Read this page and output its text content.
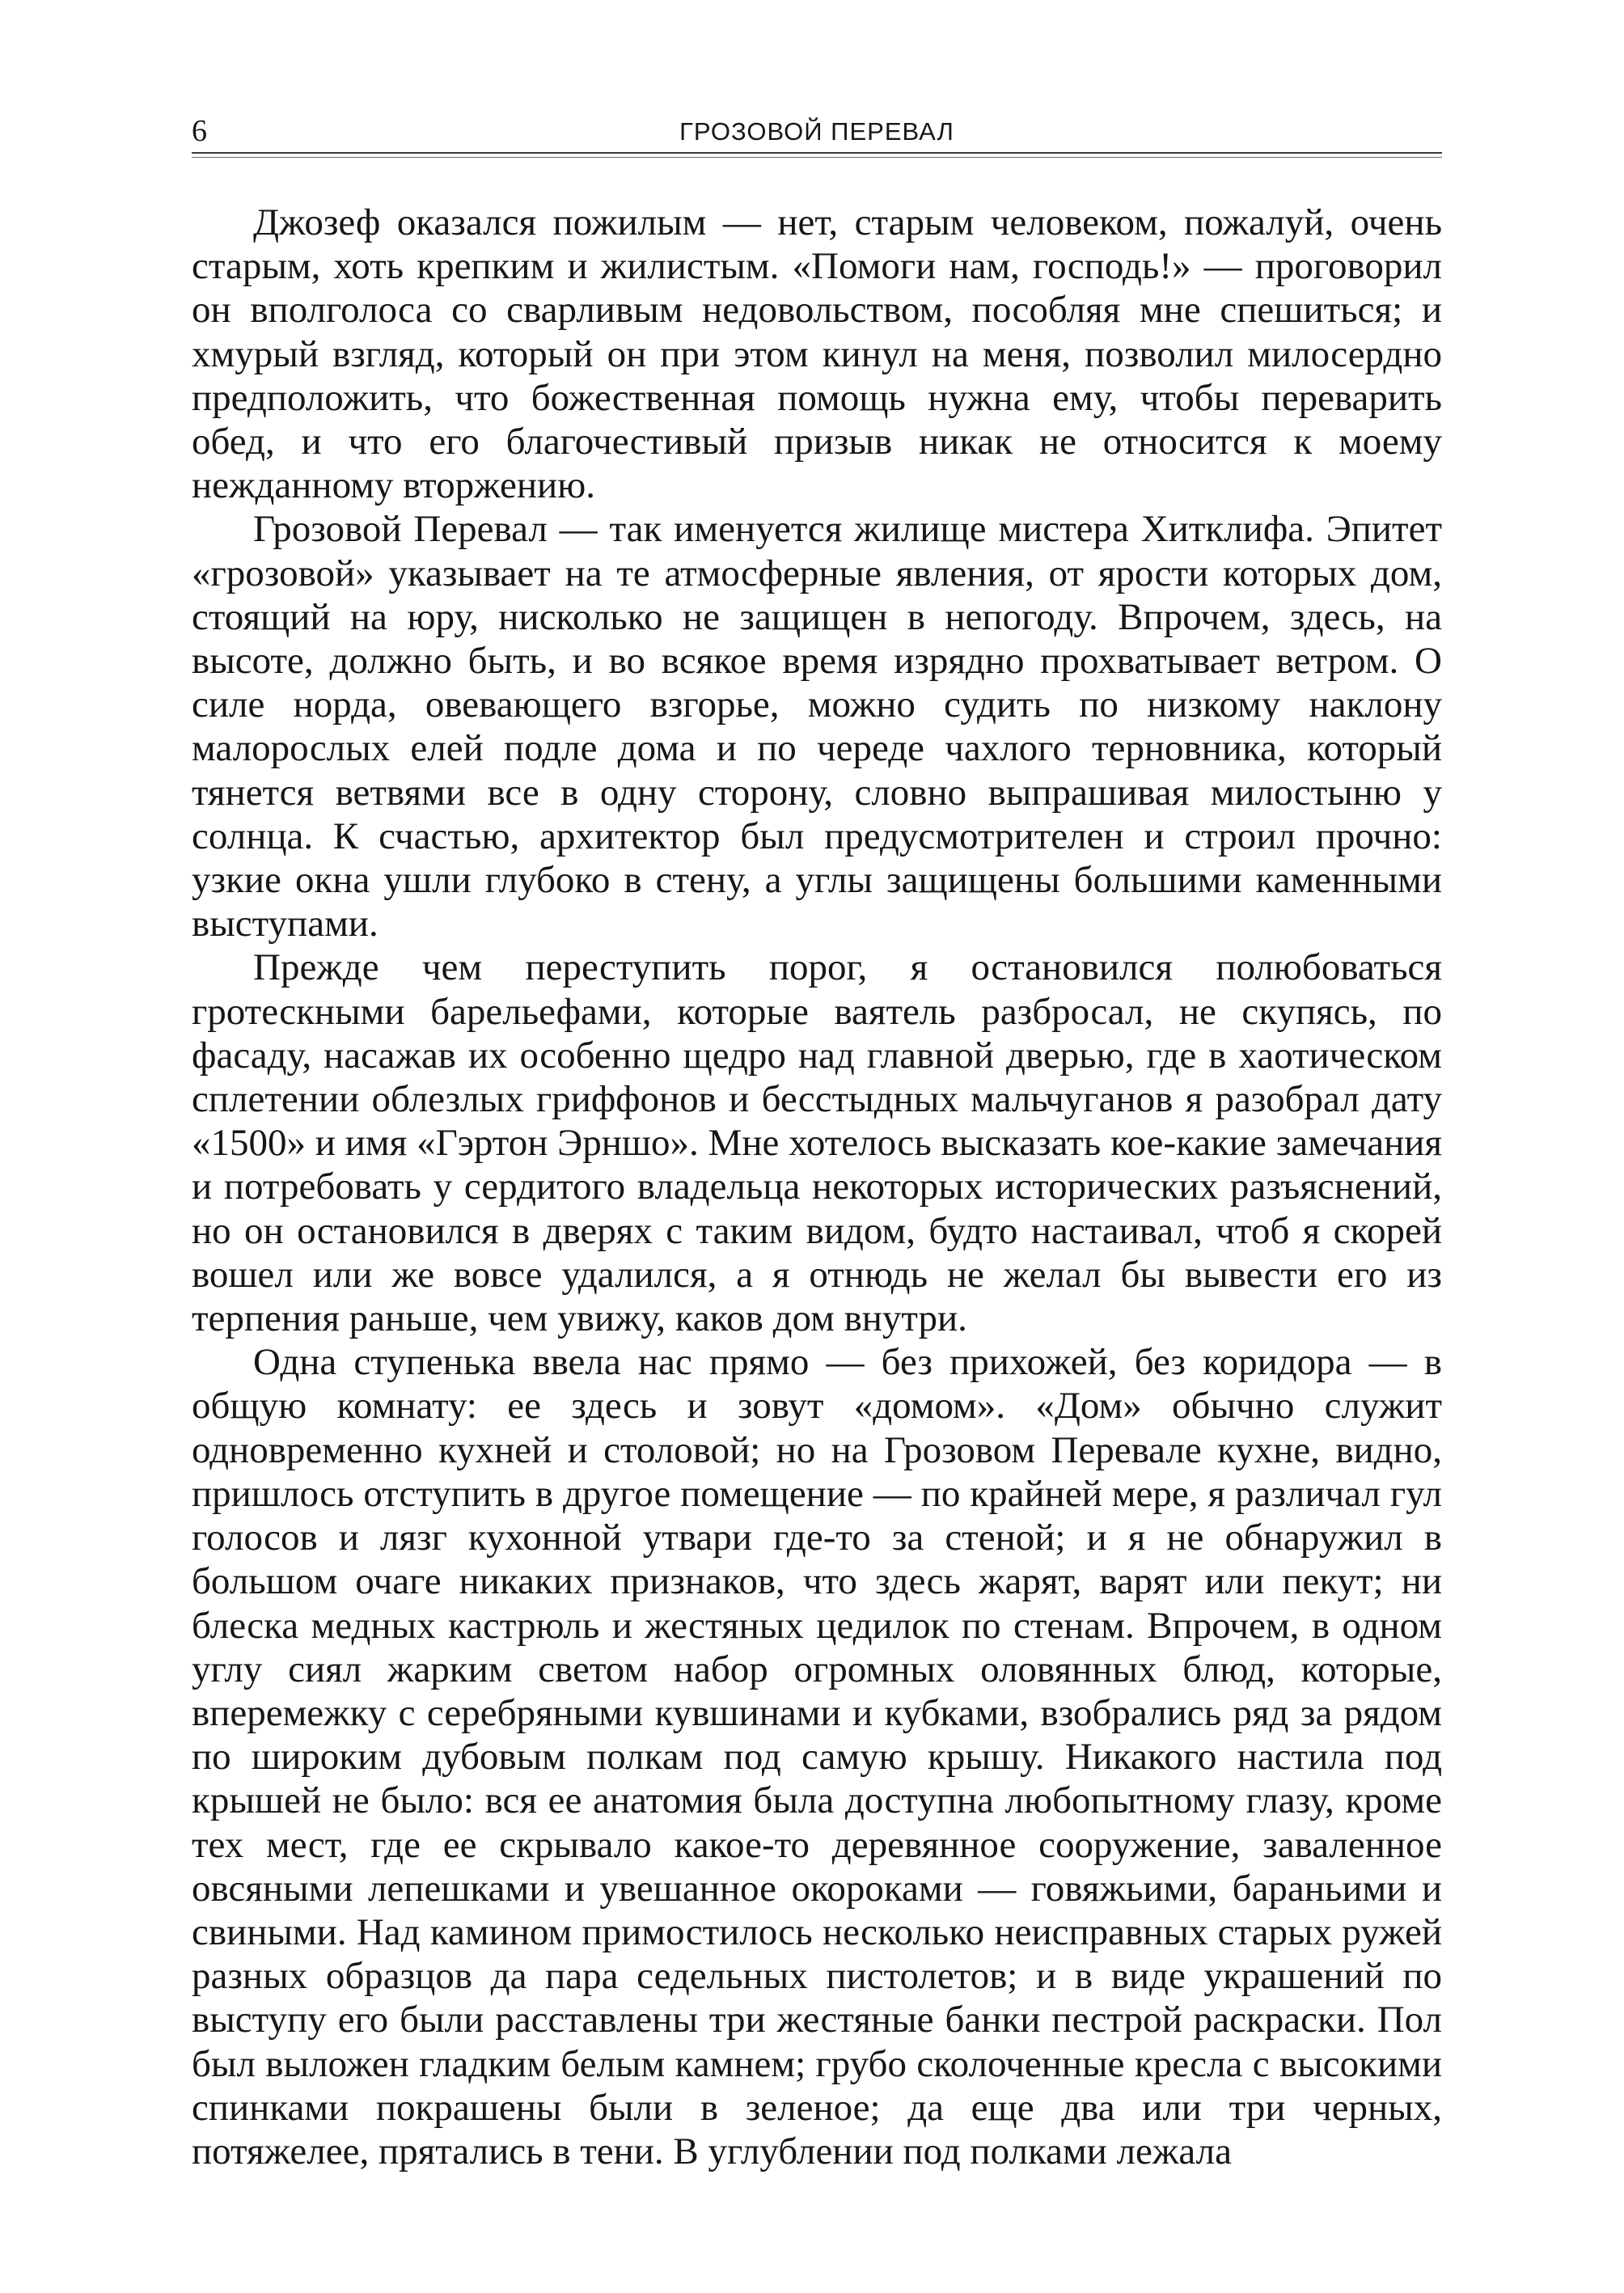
6	ГРОЗОВОЙ ПЕРЕВАЛ

Джозеф оказался пожилым — нет, старым человеком, пожалуй, очень старым, хоть крепким и жилистым. «Помоги нам, господь!» — проговорил он вполголоса со сварливым недовольством, пособляя мне спешиться; и хмурый взгляд, который он при этом кинул на меня, позволил милосердно предположить, что божественная помощь нужна ему, чтобы переварить обед, и что его благочестивый призыв никак не относится к моему нежданному вторжению.

Грозовой Перевал — так именуется жилище мистера Хитклифа. Эпитет «грозовой» указывает на те атмосферные явления, от ярости которых дом, стоящий на юру, нисколько не защищен в непогоду. Впрочем, здесь, на высоте, должно быть, и во всякое время изрядно прохватывает ветром. О силе норда, овевающего взгорье, можно судить по низкому наклону малорослых елей подле дома и по череде чахлого терновника, который тянется ветвями все в одну сторону, словно выпрашивая милостыню у солнца. К счастью, архитектор был предусмотрителен и строил прочно: узкие окна ушли глубоко в стену, а углы защищены большими каменными выступами.

Прежде чем переступить порог, я остановился полюбоваться гротескными барельефами, которые ваятель разбросал, не скупясь, по фасаду, насажав их особенно щедро над главной дверью, где в хаотическом сплетении облезлых гриффонов и бесстыдных мальчуганов я разобрал дату «1500» и имя «Гэртон Эрншо». Мне хотелось высказать кое-какие замечания и потребовать у сердитого владельца некоторых исторических разъяснений, но он остановился в дверях с таким видом, будто настаивал, чтоб я скорей вошел или же вовсе удалился, а я отнюдь не желал бы вывести его из терпения раньше, чем увижу, каков дом внутри.

Одна ступенька ввела нас прямо — без прихожей, без коридора — в общую комнату: ее здесь и зовут «домом». «Дом» обычно служит одновременно кухней и столовой; но на Грозовом Перевале кухне, видно, пришлось отступить в другое помещение — по крайней мере, я различал гул голосов и лязг кухонной утвари где-то за стеной; и я не обнаружил в большом очаге никаких признаков, что здесь жарят, варят или пекут; ни блеска медных кастрюль и жестяных цедилок по стенам. Впрочем, в одном углу сиял жарким светом набор огромных оловянных блюд, которые, вперемежку с серебряными кувшинами и кубками, взобрались ряд за рядом по широким дубовым полкам под самую крышу. Никакого настила под крышей не было: вся ее анатомия была доступна любопытному глазу, кроме тех мест, где ее скрывало какое-то деревянное сооружение, заваленное овсяными лепешками и увешанное окороками — говяжьими, бараньими и свиными. Над камином примостилось несколько неисправных старых ружей разных образцов да пара седельных пистолетов; и в виде украшений по выступу его были расставлены три жестяные банки пестрой раскраски. Пол был выложен гладким белым камнем; грубо сколоченные кресла с высокими спинками покрашены были в зеленое; да еще два или три черных, потяжелее, прятались в тени. В углублении под полками лежала
